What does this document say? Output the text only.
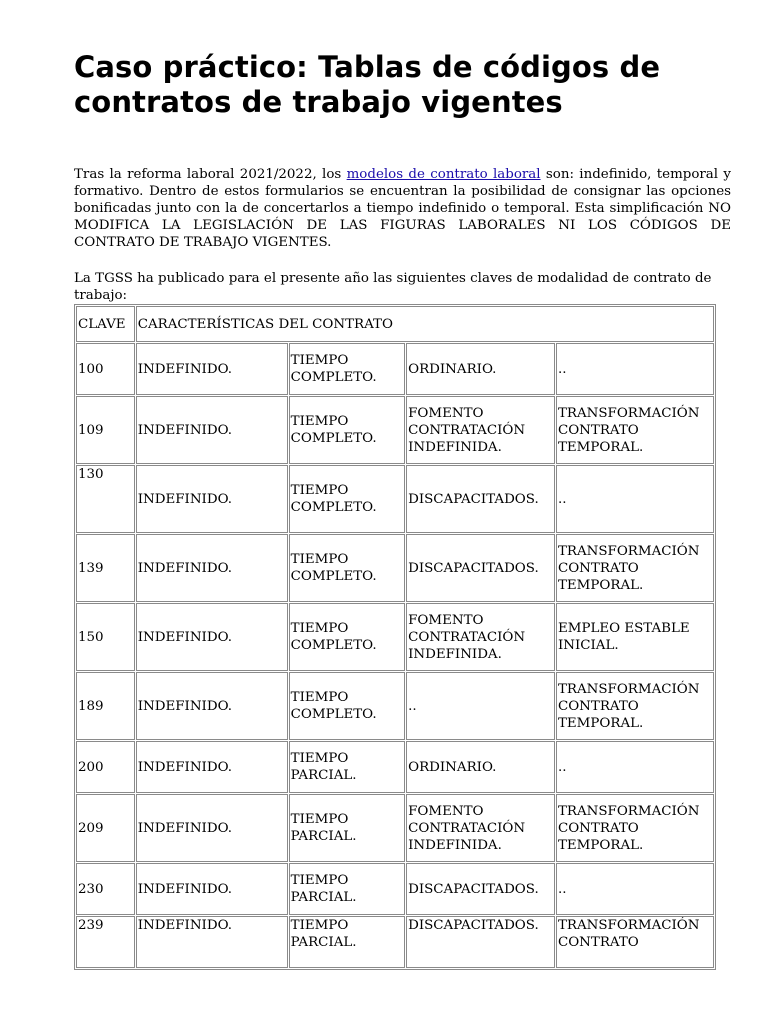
Caso práctico: Tablas de códigos de contratos de trabajo vigentes

Tras la reforma laboral 2021/2022, los modelos de contrato laboral son: indefinido, temporal y formativo. Dentro de estos formularios se encuentran la posibilidad de consignar las opciones bonificadas junto con la de concertarlos a tiempo indefinido o temporal. Esta simplificación NO MODIFICA LA LEGISLACIÓN DE LAS FIGURAS LABORALES NI LOS CÓDIGOS DE CONTRATO DE TRABAJO VIGENTES.

La TGSS ha publicado para el presente año las siguientes claves de modalidad de contrato de trabajo:

CLAVE	CARACTERÍSTICAS DEL CONTRATO			
100	INDEFINIDO.	TIEMPO COMPLETO.	ORDINARIO.	..
109	INDEFINIDO.	TIEMPO COMPLETO.	FOMENTO CONTRATACIÓN INDEFINIDA.	TRANSFORMACIÓN CONTRATO TEMPORAL.
130	INDEFINIDO.	TIEMPO COMPLETO.	DISCAPACITADOS.	..
139	INDEFINIDO.	TIEMPO COMPLETO.	DISCAPACITADOS.	TRANSFORMACIÓN CONTRATO TEMPORAL.
150	INDEFINIDO.	TIEMPO COMPLETO.	FOMENTO CONTRATACIÓN INDEFINIDA.	EMPLEO ESTABLE INICIAL.
189	INDEFINIDO.	TIEMPO COMPLETO.	..	TRANSFORMACIÓN CONTRATO TEMPORAL.
200	INDEFINIDO.	TIEMPO PARCIAL.	ORDINARIO.	..
209	INDEFINIDO.	TIEMPO PARCIAL.	FOMENTO CONTRATACIÓN INDEFINIDA.	TRANSFORMACIÓN CONTRATO TEMPORAL.
230	INDEFINIDO.	TIEMPO PARCIAL.	DISCAPACITADOS.	..
239	INDEFINIDO.	TIEMPO PARCIAL.	DISCAPACITADOS.	TRANSFORMACIÓN CONTRATO
